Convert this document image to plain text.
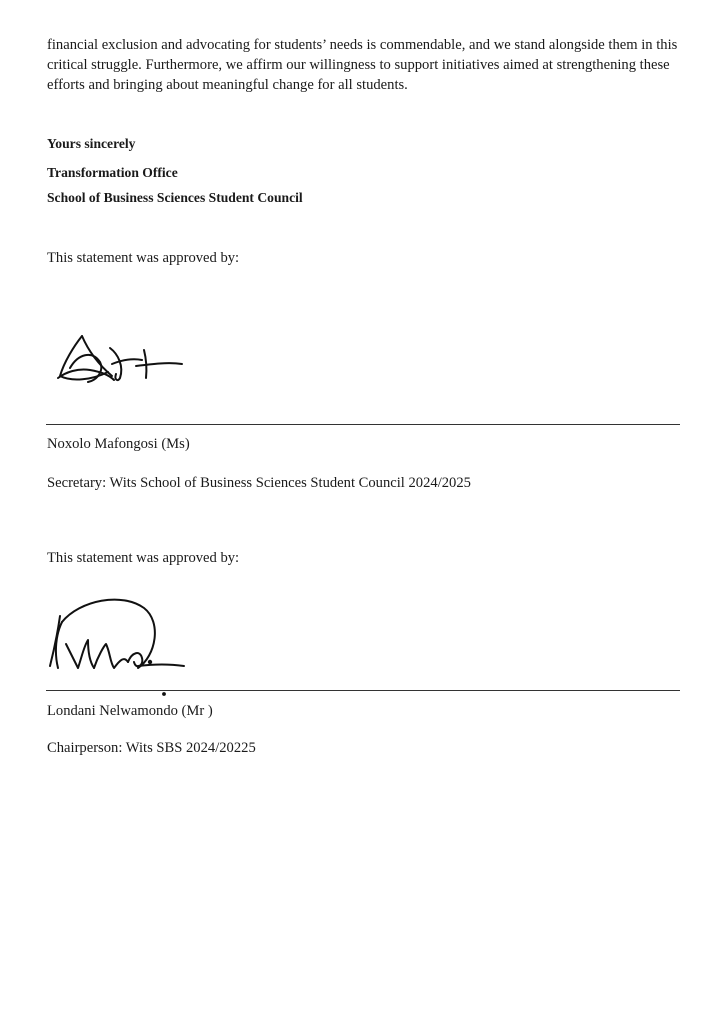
financial exclusion and advocating for students’ needs is commendable, and we stand alongside them in this critical struggle. Furthermore, we affirm our willingness to support initiatives aimed at strengthening these efforts and bringing about meaningful change for all students.

Yours sincerely

Transformation Office

School of Business Sciences Student Council

This statement was approved by:

Noxolo Mafongosi (Ms)

Secretary: Wits School of Business Sciences Student Council 2024/2025

This statement was approved by:

Londani Nelwamondo (Mr )

Chairperson: Wits SBS 2024/20225
